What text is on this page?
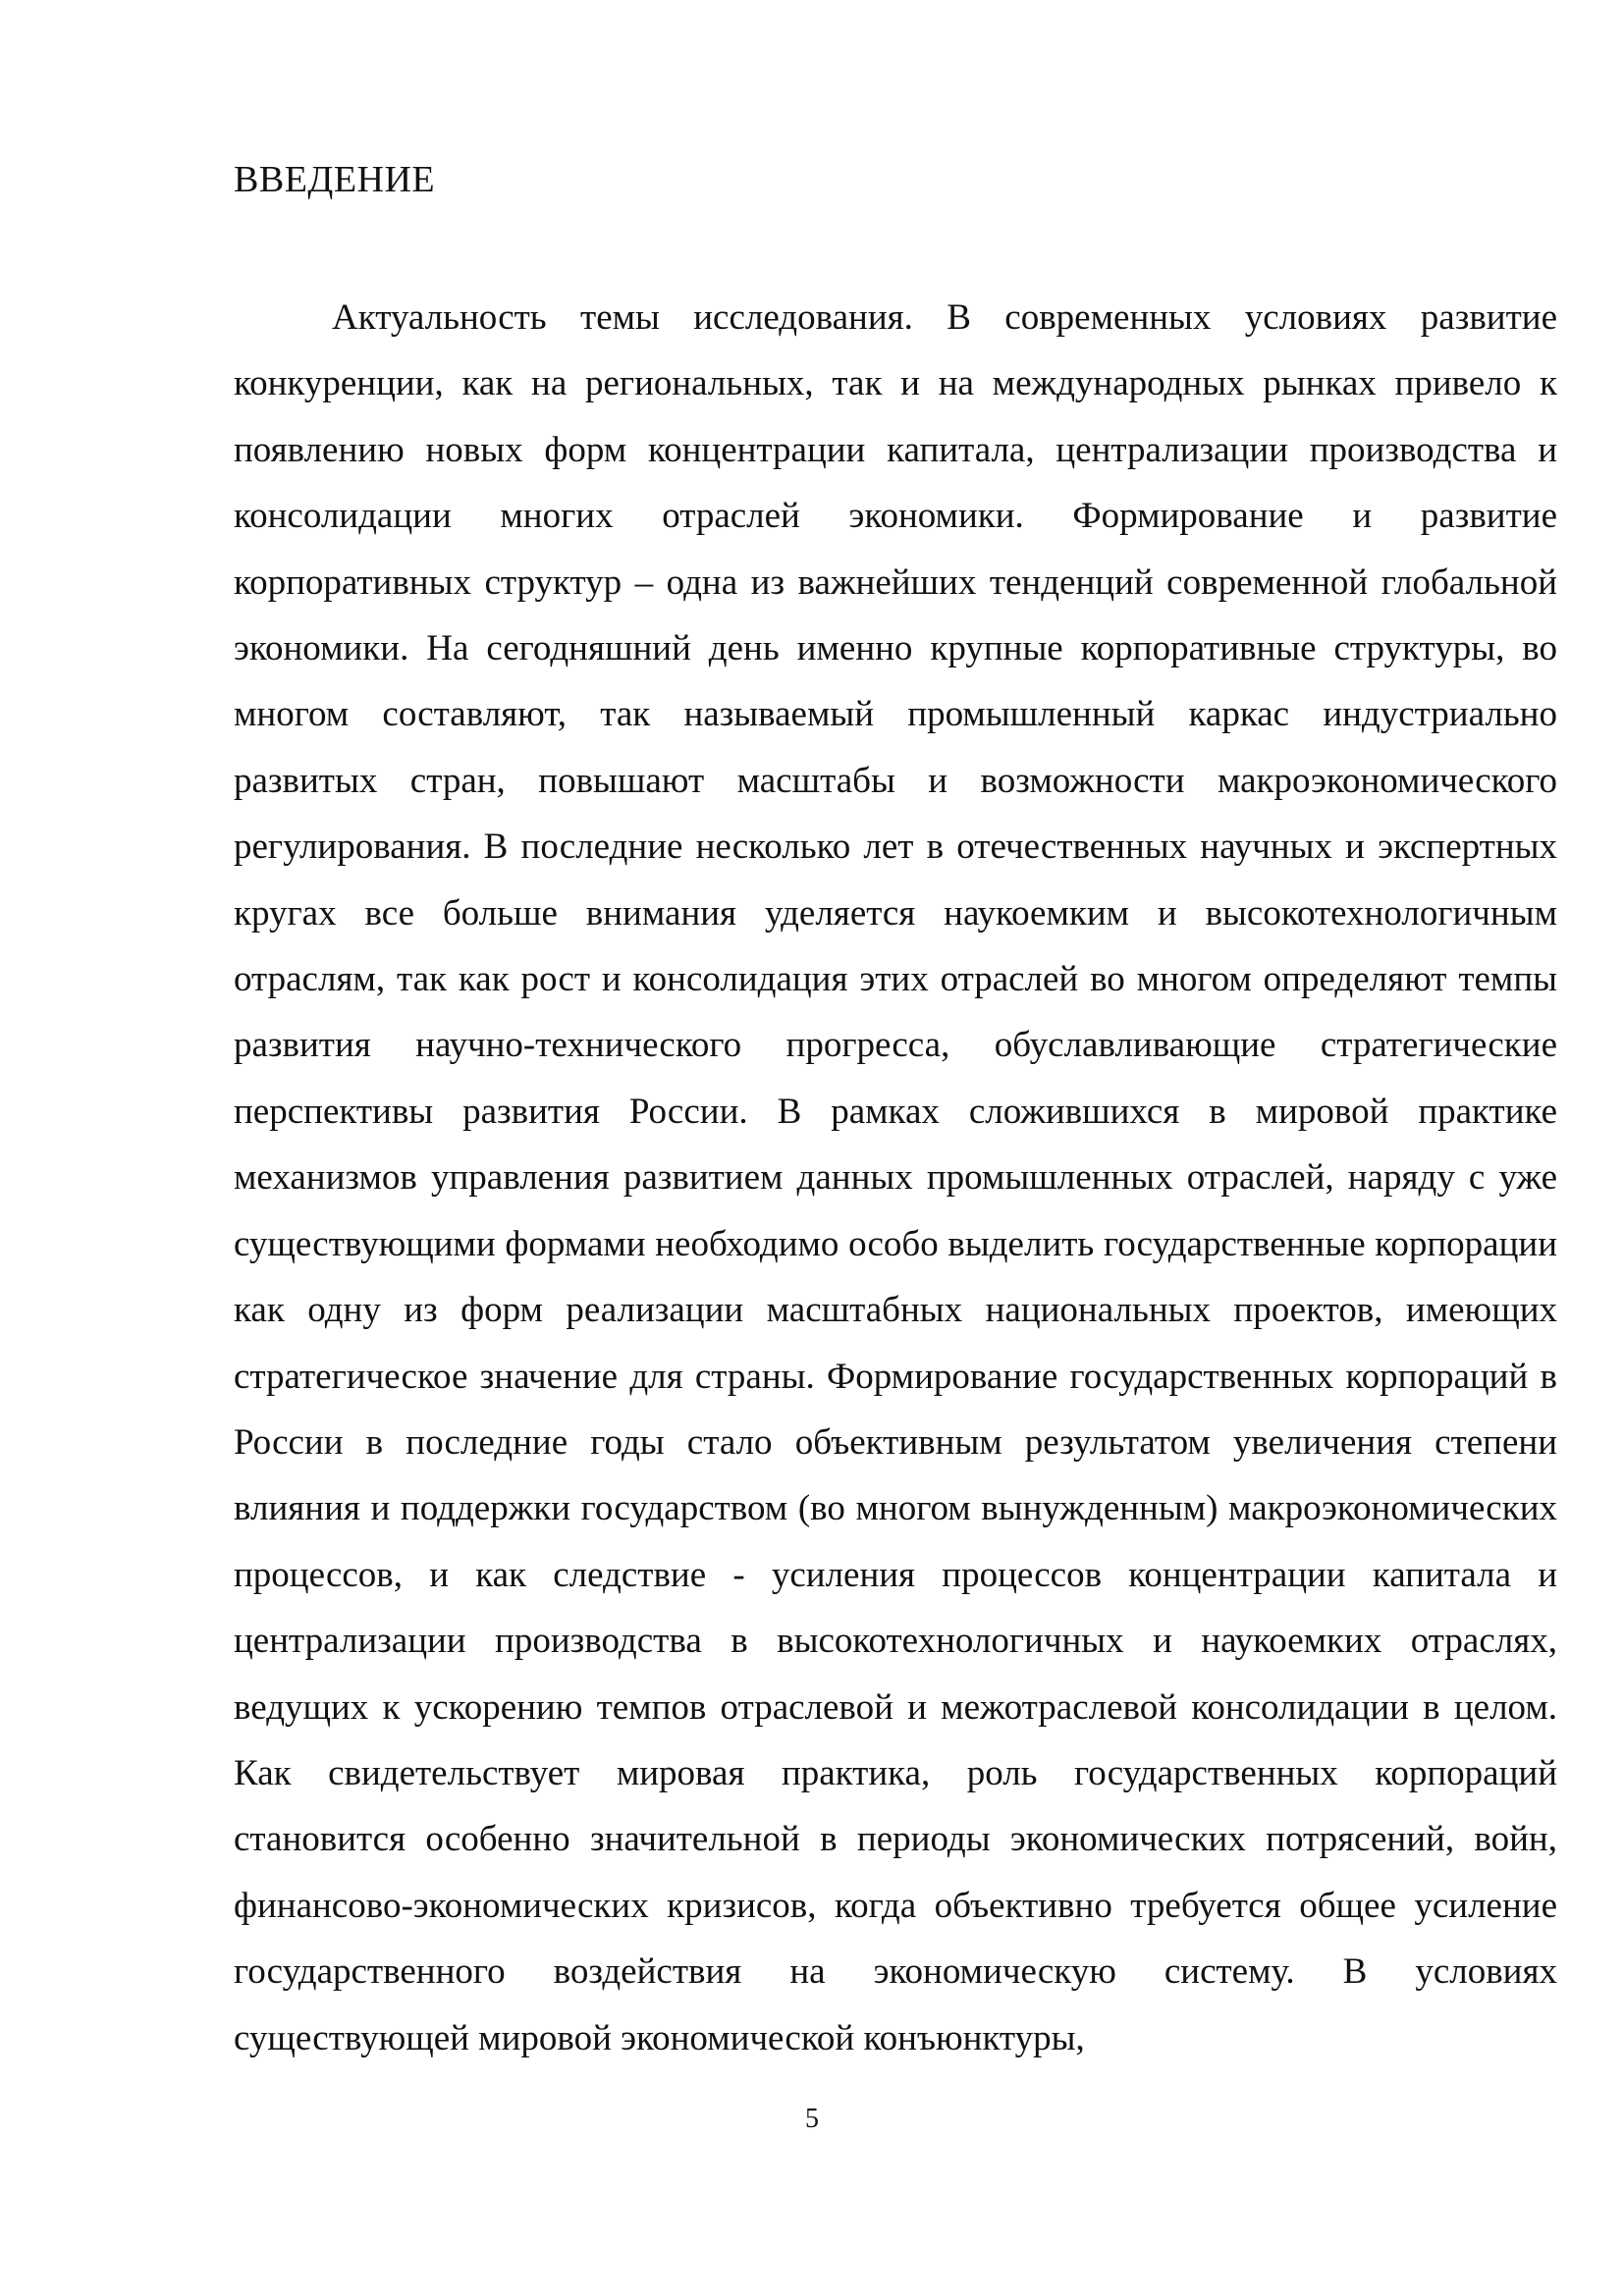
ВВЕДЕНИЕ

Актуальность темы исследования. В современных условиях развитие конкуренции, как на региональных, так и на международных рынках привело к появлению новых форм концентрации капитала, централизации производства и консолидации многих отраслей экономики. Формирование и развитие корпоративных структур – одна из важнейших тенденций современной глобальной экономики. На сегодняшний день именно крупные корпоративные структуры, во многом составляют, так называемый промышленный каркас индустриально развитых стран, повышают масштабы и возможности макроэкономического регулирования. В последние несколько лет в отечественных научных и экспертных кругах все больше внимания уделяется наукоемким и высокотехнологичным отраслям, так как рост и консолидация этих отраслей во многом определяют темпы развития научно-технического прогресса, обуславливающие стратегические перспективы развития России. В рамках сложившихся в мировой практике механизмов управления развитием данных промышленных отраслей, наряду с уже существующими формами необходимо особо выделить государственные корпорации как одну из форм реализации масштабных национальных проектов, имеющих стратегическое значение для страны. Формирование государственных корпораций в России в последние годы стало объективным результатом увеличения степени влияния и поддержки государством (во многом вынужденным) макроэкономических процессов, и как следствие - усиления процессов концентрации капитала и централизации производства в высокотехнологичных и наукоемких отраслях, ведущих к ускорению темпов отраслевой и межотраслевой консолидации в целом. Как свидетельствует мировая практика, роль государственных корпораций становится особенно значительной в периоды экономических потрясений, войн, финансово-экономических кризисов, когда объективно требуется общее усиление государственного воздействия на экономическую систему. В условиях существующей мировой экономической конъюнктуры,

5
